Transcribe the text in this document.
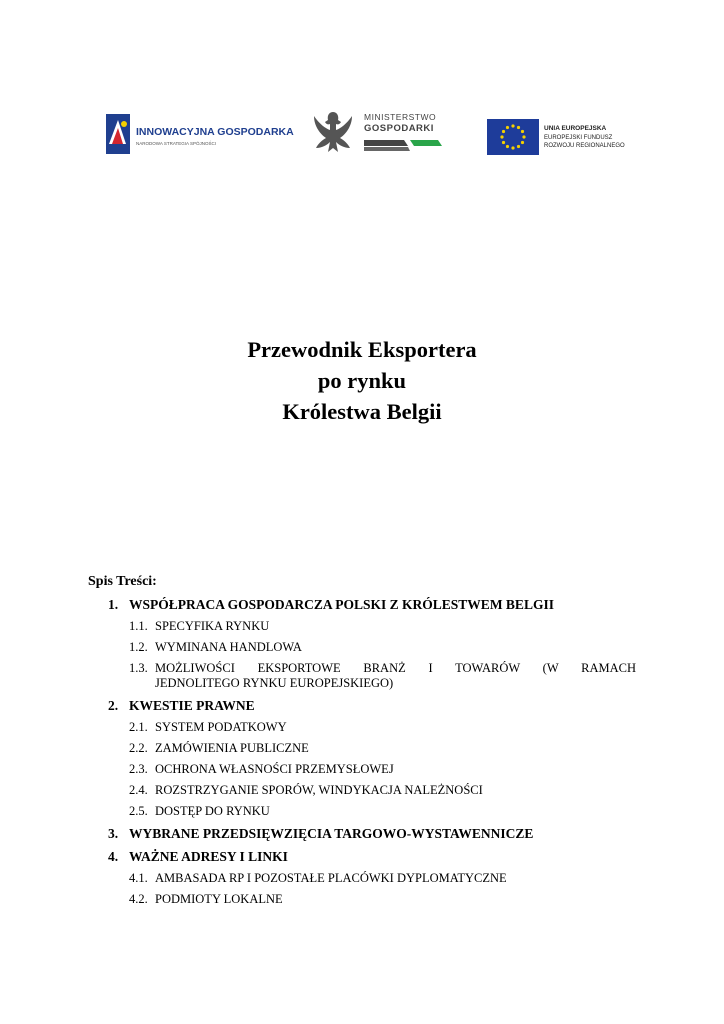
INNOWACYJNA GOSPODARKA
NARODOWA STRATEGIA SPÓJNOŚCI
MINISTERSTWO
GOSPODARKI	UNIA EUROPEJSKA
EUROPEJSKI FUNDUSZ
ROZWOJU REGIONALNEGO
Przewodnik Eksportera
po rynku
Królestwa Belgii
Spis Treści:
1. WSPÓŁPRACA GOSPODARCZA POLSKI Z KRÓLESTWEM BELGII
1.1. SPECYFIKA RYNKU
1.2. WYMINANA HANDLOWA
1.3. MOŻLIWOŚCI EKSPORTOWE BRANŻ I TOWARÓW (W RAMACH
JEDNOLITEGO RYNKU EUROPEJSKIEGO)
2. KWESTIE PRAWNE
2.1. SYSTEM PODATKOWY
2.2. ZAMÓWIENIA PUBLICZNE
2.3. OCHRONA WŁASNOŚCI PRZEMYSŁOWEJ
2.4. ROZSTRZYGANIE SPORÓW, WINDYKACJA NALEŻNOŚCI
2.5. DOSTĘP DO RYNKU
3. WYBRANE PRZEDSIĘWZIĘCIA TARGOWO-WYSTAWENNICZE
4. WAŻNE ADRESY I LINKI
4.1. AMBASADA RP I POZOSTAŁE PLACÓWKI DYPLOMATYCZNE
4.2. PODMIOTY LOKALNE
